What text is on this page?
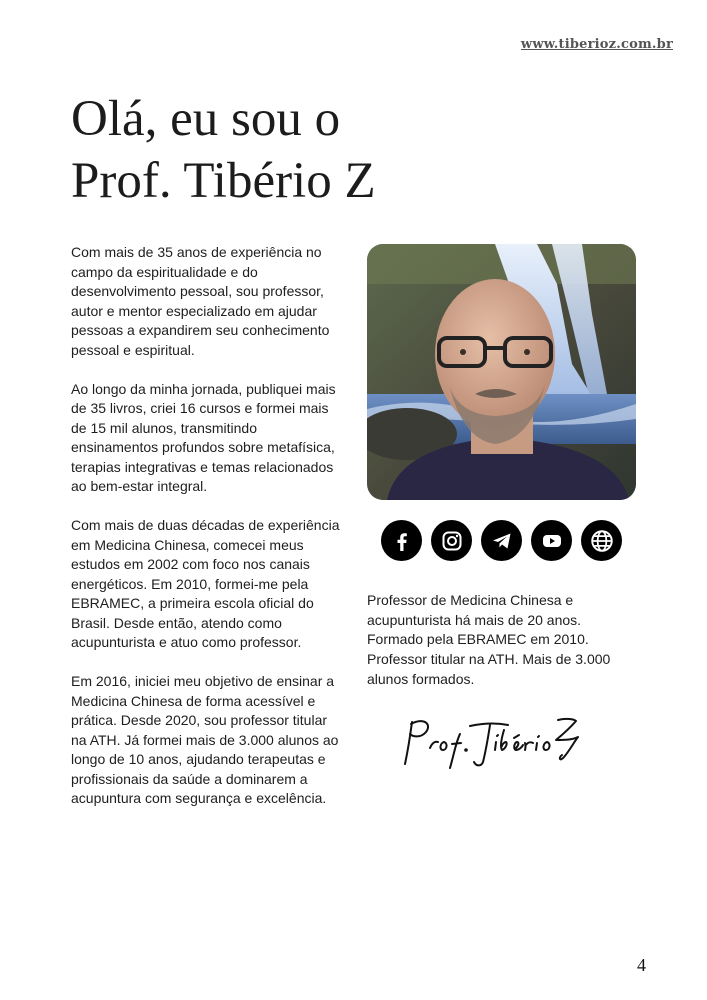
www.tiberioz.com.br
Olá, eu sou o
Prof. Tibério Z

Com mais de 35 anos de experiência no campo da espiritualidade e do desenvolvimento pessoal, sou professor, autor e mentor especializado em ajudar pessoas a expandirem seu conhecimento pessoal e espiritual.

Ao longo da minha jornada, publiquei mais de 35 livros, criei 16 cursos e formei mais de 15 mil alunos, transmitindo ensinamentos profundos sobre metafísica, terapias integrativas e temas relacionados ao bem-estar integral.

Com mais de duas décadas de experiência em Medicina Chinesa, comecei meus estudos em 2002 com foco nos canais energéticos. Em 2010, formei-me pela EBRAMEC, a primeira escola oficial do Brasil. Desde então, atendo como acupunturista e atuo como professor.

Em 2016, iniciei meu objetivo de ensinar a Medicina Chinesa de forma acessível e prática. Desde 2020, sou professor titular na ATH. Já formei mais de 3.000 alunos ao longo de 10 anos, ajudando terapeutas e profissionais da saúde a dominarem a acupuntura com segurança e excelência.

Professor de Medicina Chinesa e

acupunturista há mais de 20 anos.

Formado pela EBRAMEC em 2010.

Professor titular na ATH. Mais de 3.000

alunos formados.

4
